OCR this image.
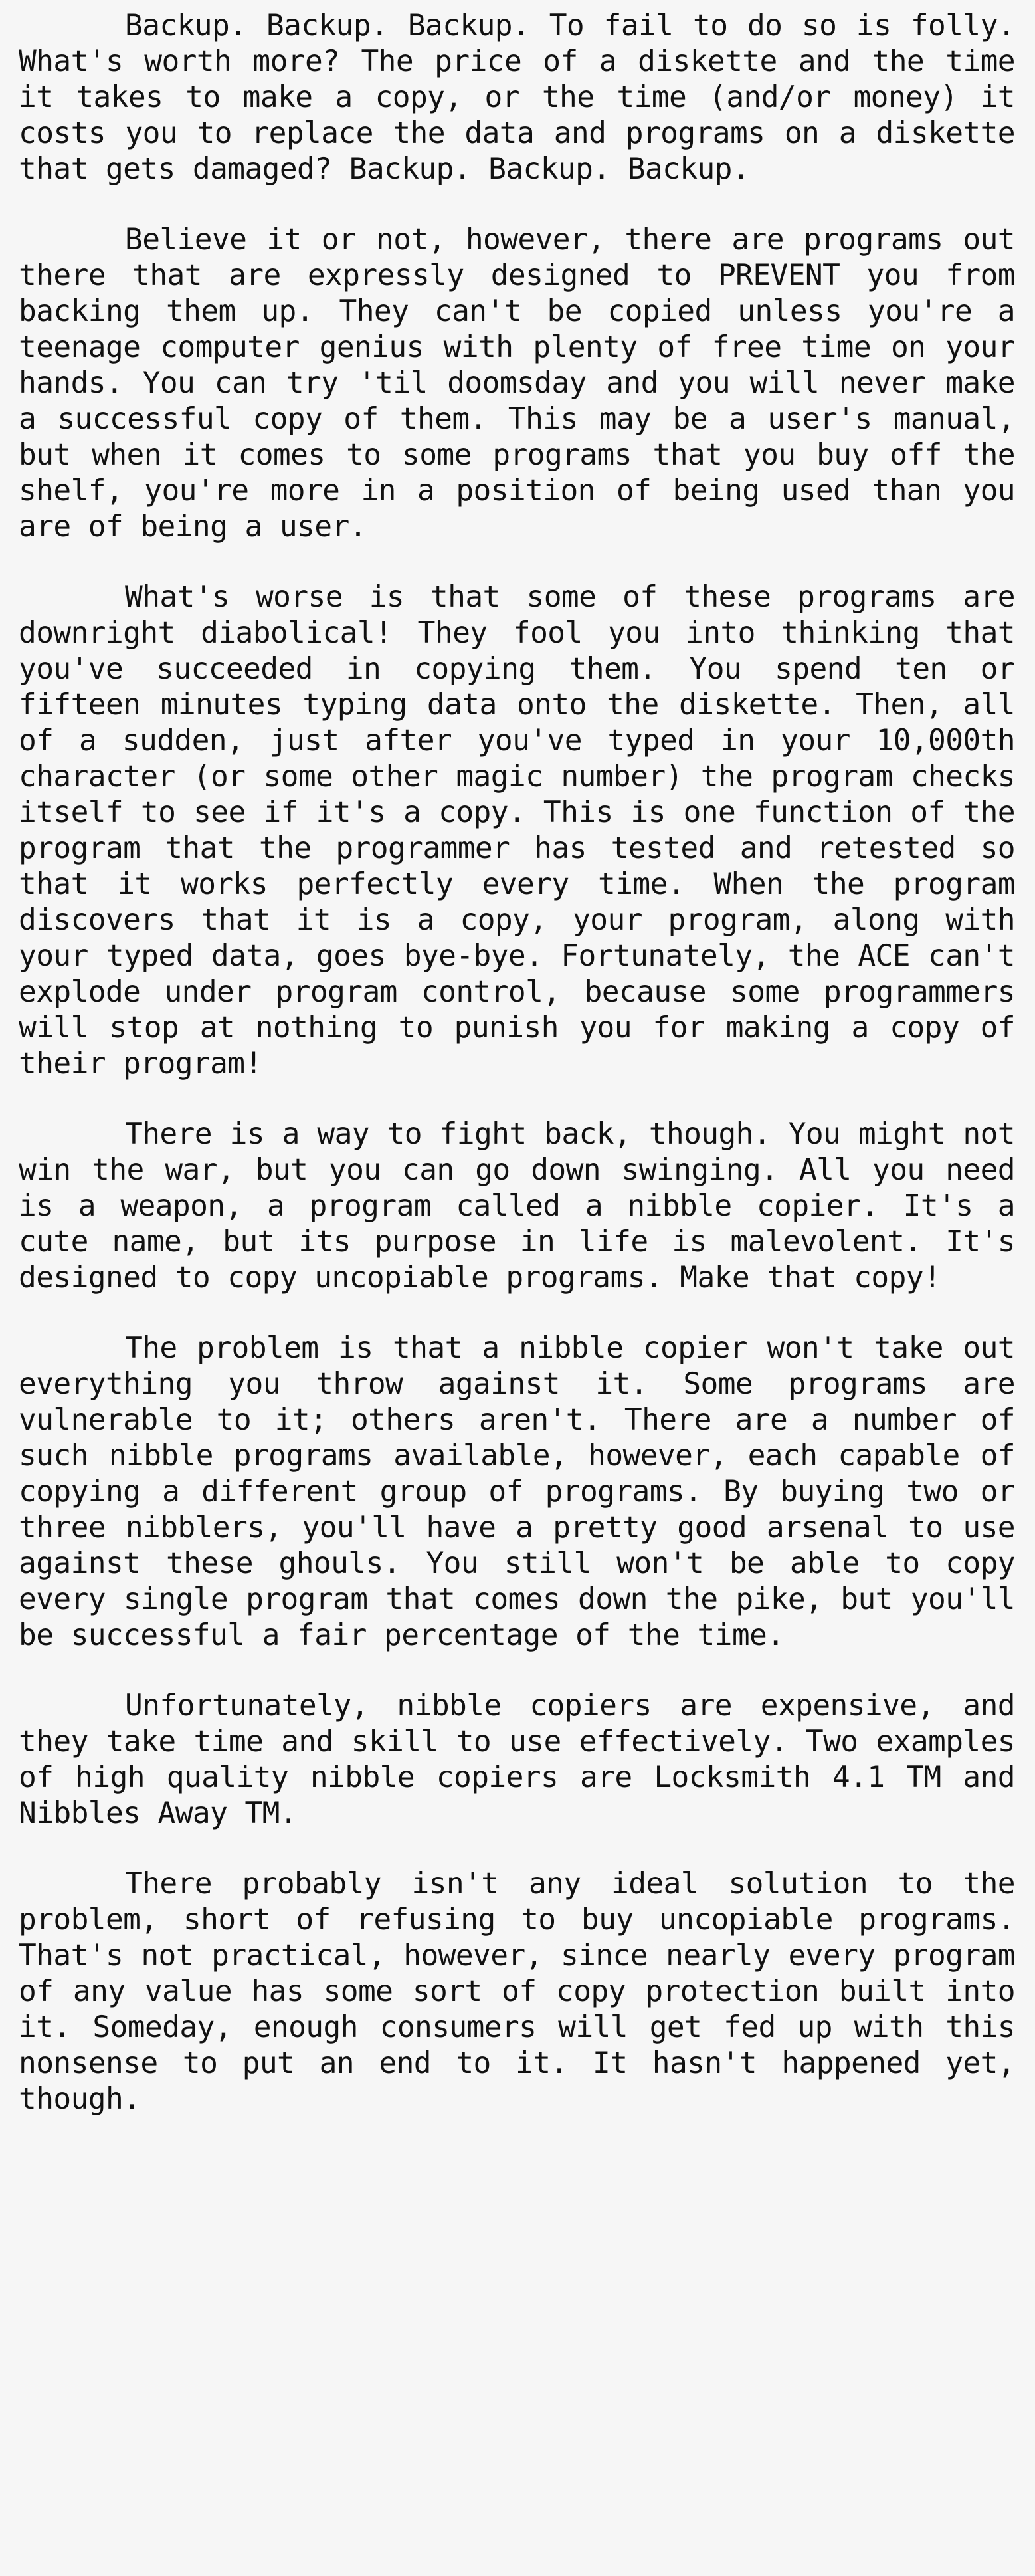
Backup. Backup. Backup. To fail to do so is folly. What's worth more? The price of a diskette and the time it takes to make a copy, or the time (and/or money) it costs you to replace the data and programs on a diskette that gets damaged? Backup. Backup. Backup.

Believe it or not, however, there are programs out there that are expressly designed to PREVENT you from backing them up. They can't be copied unless you're a teenage computer genius with plenty of free time on your hands. You can try 'til doomsday and you will never make a successful copy of them. This may be a user's manual, but when it comes to some programs that you buy off the shelf, you're more in a position of being used than you are of being a user.

What's worse is that some of these programs are downright diabolical! They fool you into thinking that you've succeeded in copying them. You spend ten or fifteen minutes typing data onto the diskette. Then, all of a sudden, just after you've typed in your 10,000th character (or some other magic number) the program checks itself to see if it's a copy. This is one function of the program that the programmer has tested and retested so that it works perfectly every time. When the program discovers that it is a copy, your program, along with your typed data, goes bye-bye. Fortunately, the ACE can't explode under program control, because some programmers will stop at nothing to punish you for making a copy of their program!

There is a way to fight back, though. You might not win the war, but you can go down swinging. All you need is a weapon, a program called a nibble copier. It's a cute name, but its purpose in life is malevolent. It's designed to copy uncopiable programs. Make that copy!

The problem is that a nibble copier won't take out everything you throw against it. Some programs are vulnerable to it; others aren't. There are a number of such nibble programs available, however, each capable of copying a different group of programs. By buying two or three nibblers, you'll have a pretty good arsenal to use against these ghouls. You still won't be able to copy every single program that comes down the pike, but you'll be successful a fair percentage of the time.

Unfortunately, nibble copiers are expensive, and they take time and skill to use effectively. Two examples of high quality nibble copiers are Locksmith 4.1 TM and Nibbles Away TM.

There probably isn't any ideal solution to the problem, short of refusing to buy uncopiable programs. That's not practical, however, since nearly every program of any value has some sort of copy protection built into it. Someday, enough consumers will get fed up with this nonsense to put an end to it. It hasn't happened yet, though.
